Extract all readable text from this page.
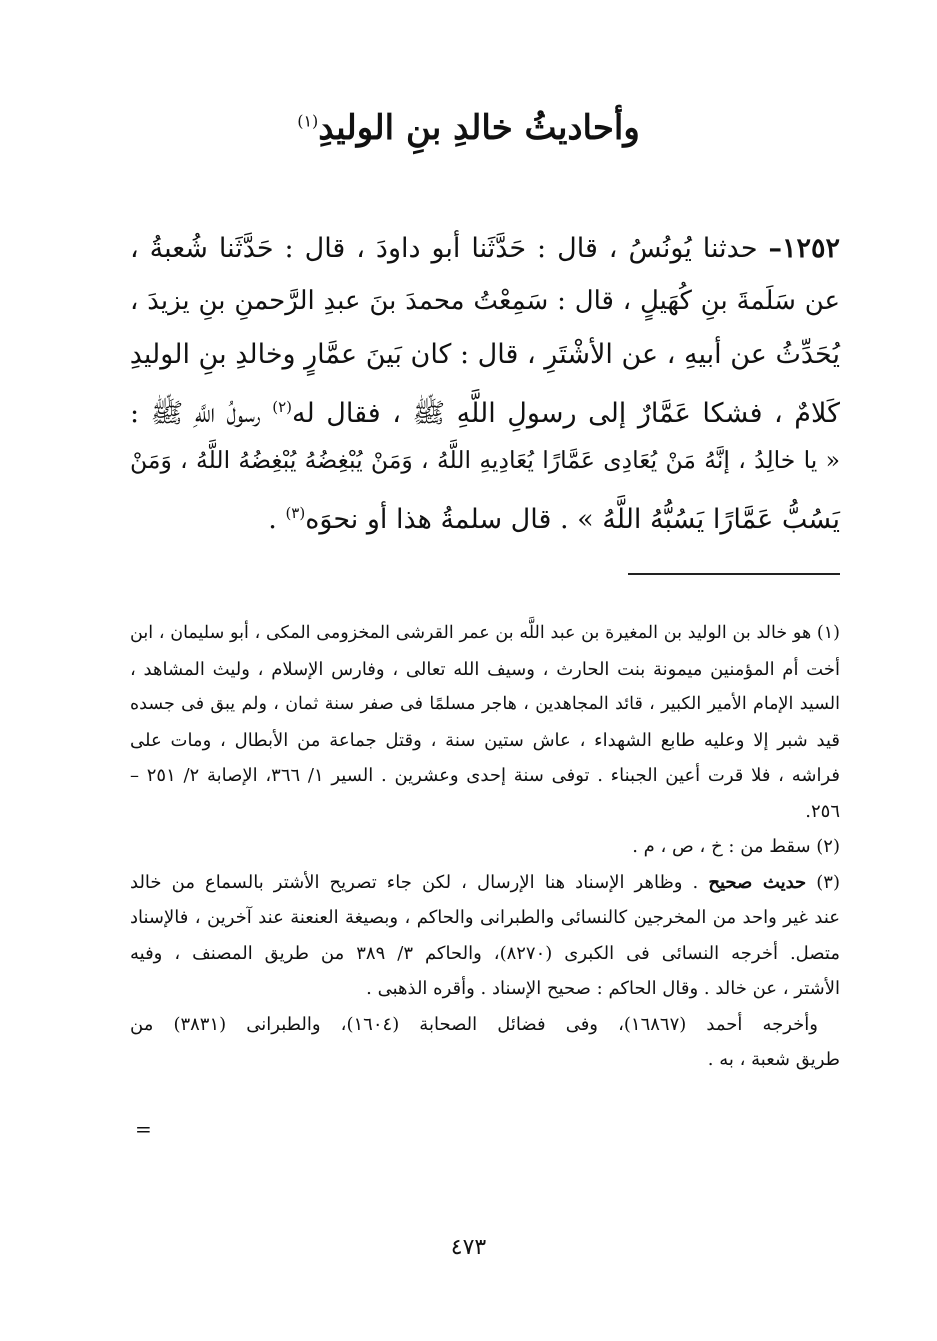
وأحاديثُ خالدِ بنِ الوليدِ$^{(١)}$
١٢٥٢– حدثنا يُونُسُ ، قال : حَدَّثَنا أبو داودَ ، قال : حَدَّثَنا شُعبةُ ،
عن سَلَمةَ بنِ كُهَيلٍ ، قال : سَمِعْتُ محمدَ بنَ عبدِ الرَّحمنِ بنِ يزيدَ ،
يُحَدِّثُ عن أبيهِ ، عن الأشْتَرِ ، قال : كان بَينَ عمَّارٍ وخالدِ بنِ الوليدِ
كَلامٌ ، فشكا عَمَّارٌ إلى رسولِ اللَّهِ ﷺ ، فقال له$^{(٢)}$ رسولُ اللَّهِ ﷺ :
« يا خالِدُ ، إنَّهُ مَنْ يُعَادِى عَمَّارًا يُعَادِيهِ اللَّهُ ، وَمَنْ يُبْغِضُهُ يُبْغِضُهُ اللَّهُ ، وَمَنْ
يَسُبُّ عَمَّارًا يَسُبُّهُ اللَّهُ » . قال سلمةُ هذا أو نحوَه$^{(٣)}$ .
(١) هو خالد بن الوليد بن المغيرة بن عبد اللَّه بن عمر القرشى المخزومى المكى ، أبو سليمان ، ابن
أخت أم المؤمنين ميمونة بنت الحارث ، وسيف الله تعالى ، وفارس الإسلام ، وليث المشاهد ،
السيد الإمام الأمير الكبير ، قائد المجاهدين ، هاجر مسلمًا فى صفر سنة ثمان ، ولم يبق فى جسده
قيد شبر إلا وعليه طابع الشهداء ، عاش ستين سنة ، وقتل جماعة من الأبطال ، ومات على
فراشه ، فلا قرت أعين الجبناء . توفى سنة إحدى وعشرين . السير ١/ ٣٦٦، الإصابة ٢/ ٢٥١ –
٢٥٦.
(٢) سقط من : خ ، ص ، م .
(٣) حديث صحيح . وظاهر الإسناد هنا الإرسال ، لكن جاء تصريح الأشتر بالسماع من خالد
عند غير واحد من المخرجين كالنسائى والطبرانى والحاكم ، وبصيغة العنعنة عند آخرين ، فالإسناد
متصل. أخرجه النسائى فى الكبرى (٨٢٧٠)، والحاكم ٣/ ٣٨٩ من طريق المصنف ، وفيه
الأشتر ، عن خالد . وقال الحاكم : صحيح الإسناد . وأقره الذهبى .
وأخرجه أحمد (١٦٨٦٧)، وفى فضائل الصحابة (١٦٠٤)، والطبرانى (٣٨٣١) من
طريق شعبة ، به .
=
٤٧٣
